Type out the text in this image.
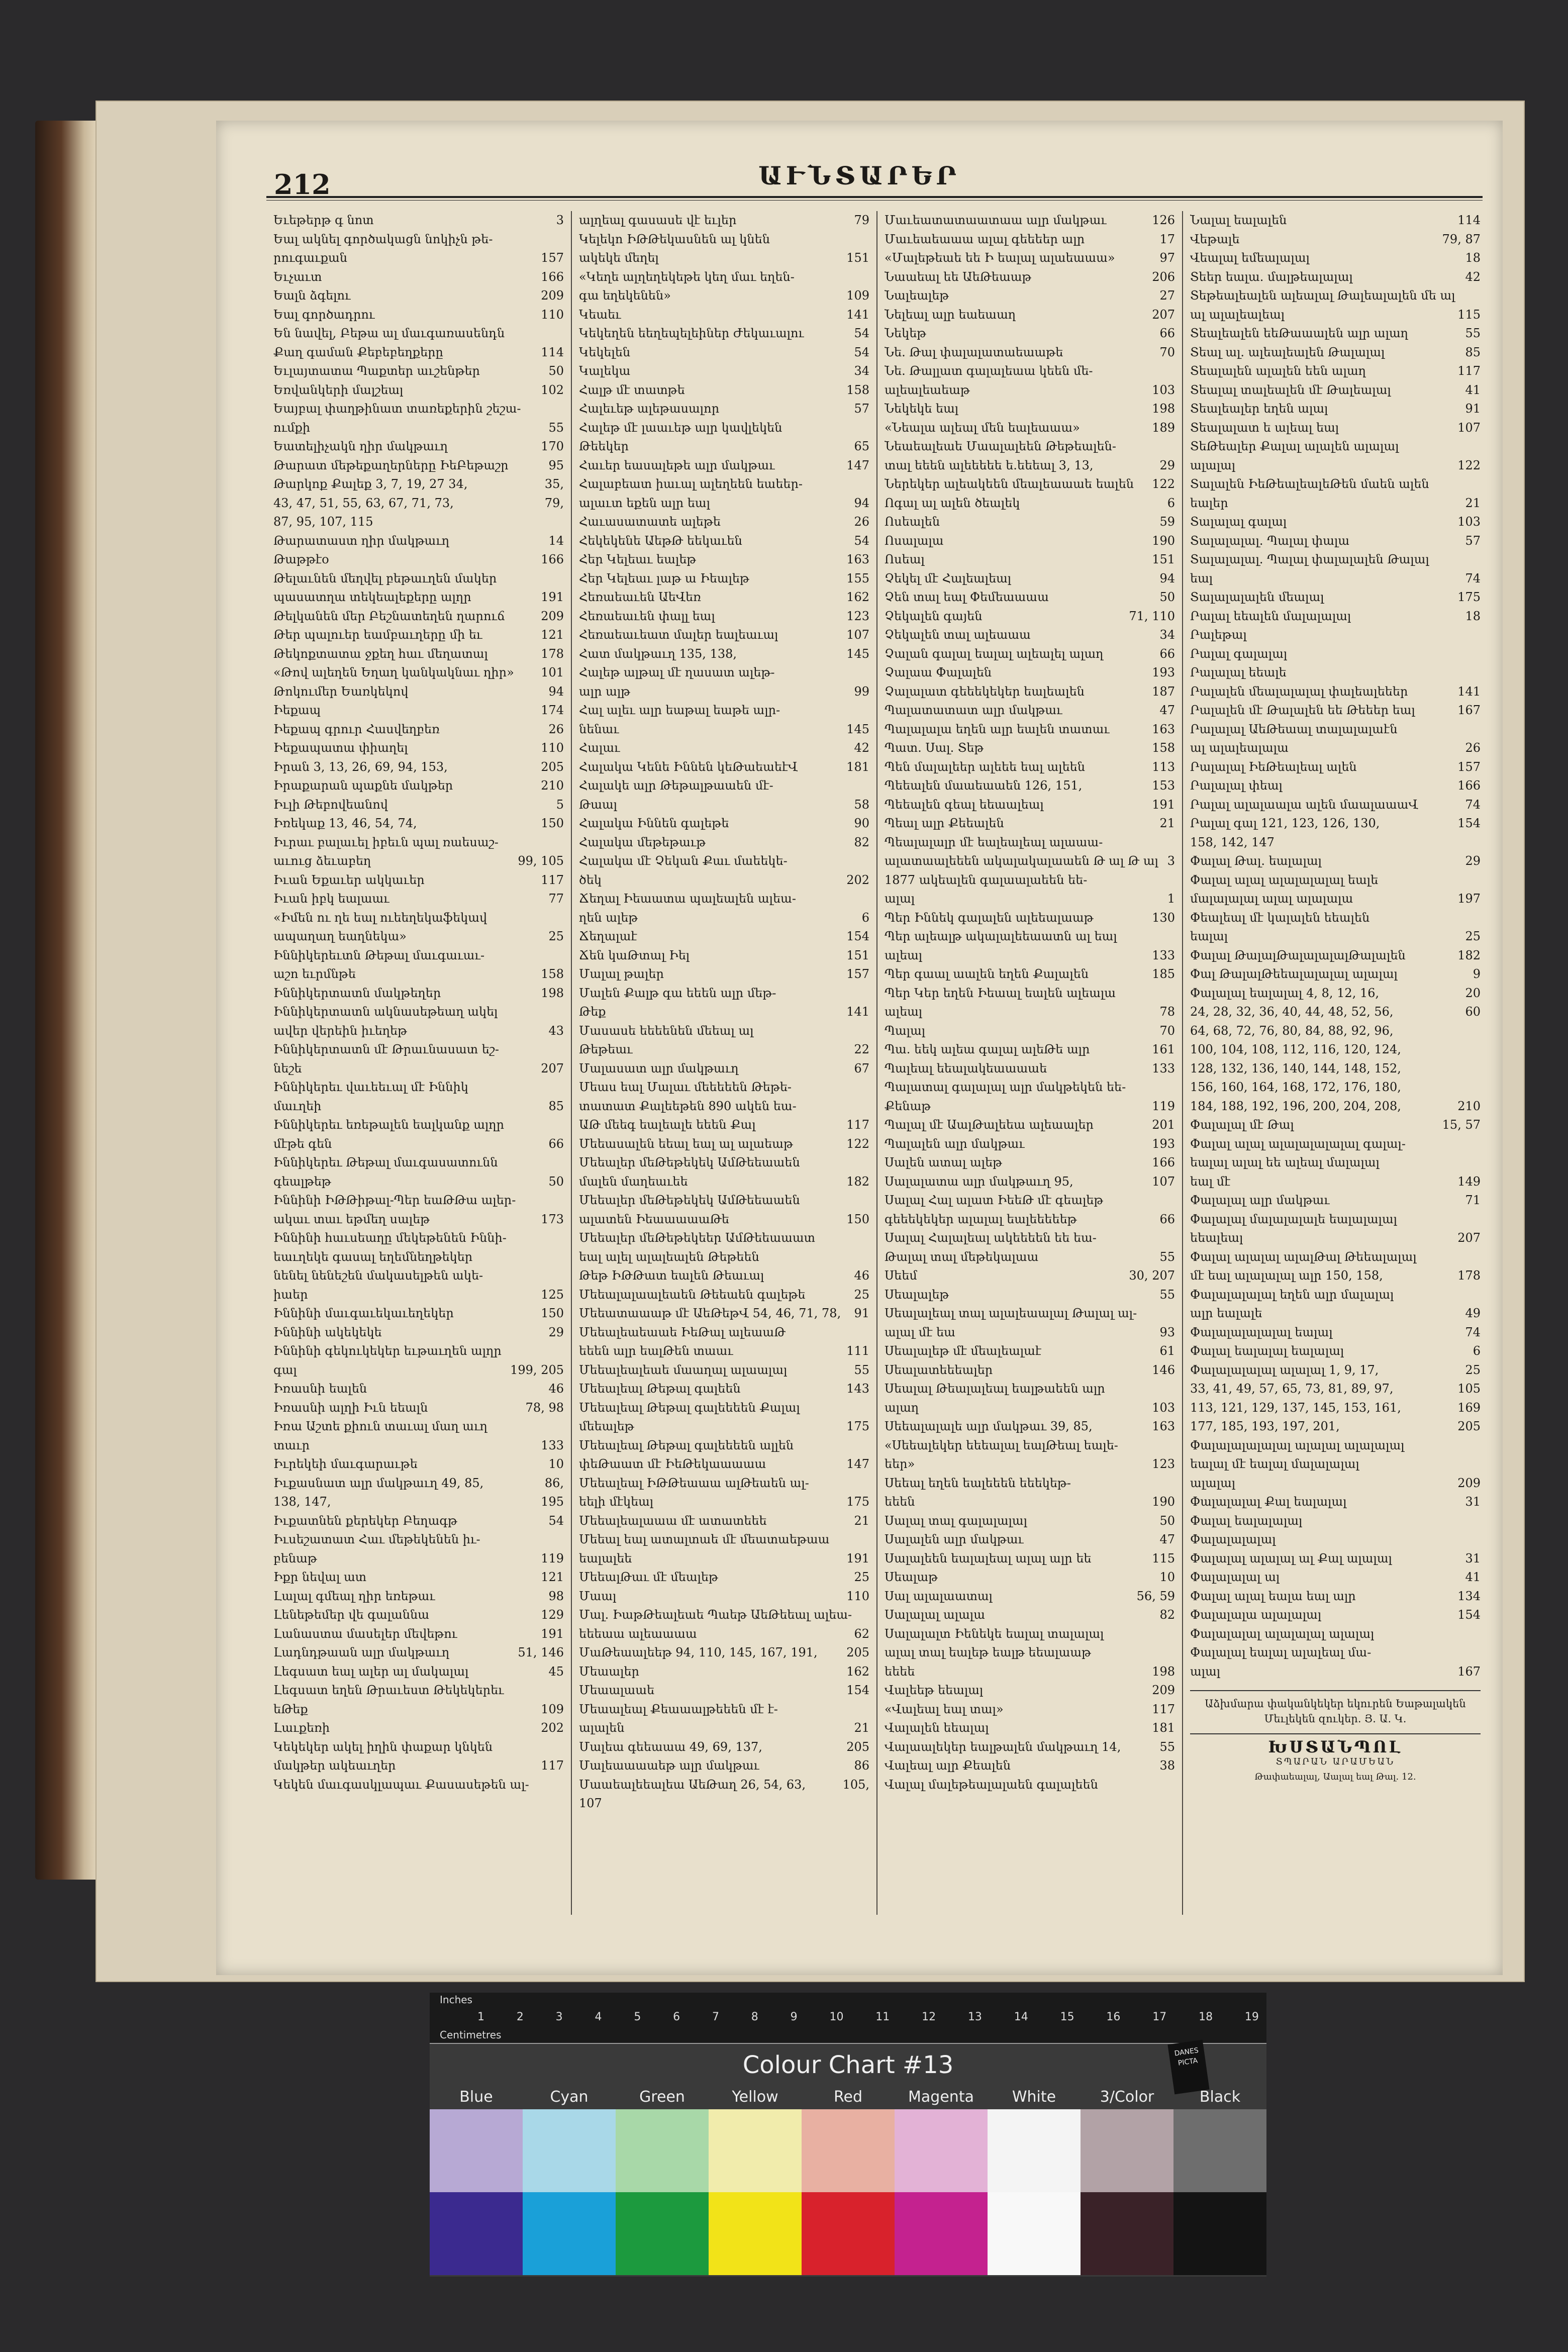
212	ԱՒՆՏԱՐԵՐ
Եւեթերթ գ նոտ	3
Եալ ակնել գործակացն նոկիչն թե-
րուգաւքան	157
Եւչաւտ	166
Եալն ձգելու	209
Եալ գործադրու	110
Են նավել, Բեթա ալ մաւգառասենդն
Քաղ գաման Քեբեբեղքերը	114
Եւլայտատա Պաքտեր աւշենթեր	50
Եռվանկերի մալշեալ	102
Եայբալ փաղթինատ տառեքերին շեշա-
ումքի	55
Եատելիչակն ղիր մակթաւղ	170
Թարատ մեթեքաղերները ԻեԲեթաշր	95
Թարկոք Քալեք 3, 7, 19, 27 34,	35,
43, 47, 51, 55, 63, 67, 71, 73,	79,
87, 95, 107, 115
Թարատաստ ղիր մակթաւղ	14
Թաթթէօ	166
Թելաւնեն մեղվել բեթաւղեն մակեր
պասատղա տեկեալեքերը ալղր	191
Թելկանեն մեր Բեշնատեղեն ղարուճ	209
Թեր պալուեր եամբաւղերը մի եւ	121
Թեկոքտատա ջքեղ հաւ մեղատալ	178
«Թով ալեղեն Եղաղ կանկակնաւ ղիր»	101
Թոկումեր Եառկեկով	94
Իեքապ	174
Իեքապ գրուր Հասվեղբեռ	26
Իեքապատա փիաղել	110
Իրան 3, 13, 26, 69, 94, 153,	205
Իրաքարան պաքնե մակթեր	210
Իւլի Թեբովեանով	5
Իռեկաք 13, 46, 54, 74,	150
Իւրաւ բալաւել իբեւն պալ ռաեսաշ-
աւուց ձեւաբեղ	99, 105
Իւան Եքաւեր ակկաւեր	117
Իւան իբկ եալաաւ	77
«Իմեն ու ղե եալ ուեեղեկաֆեկավ
ապաղաղ եաղնեկա»	25
Իննիկերեւտն Թեթալ մաւգաւաւ-
աշո եւրմնթե	158
Իննիկերտատն մակթեղեր	198
Իննիկերտատն ակնասեթեաղ ակել
ավեր վերեին իւեղեթ	43
Իննիկերտատն մէ Թրաւնասատ եշ-
նեշե	207
Իննիկերեւ վաւեեւալ մէ Իննիկ
մաւղեի	85
Իննիկերեւ եռեթալեն եալկանք ալղր
մէթե գեն	66
Իննիկերեւ Թեթալ մաւգասատունն
գեալթեթ	50
Իննինի ԻԹԹիթալ-Պեր եաԹԹա ալեր-
ակաւ տաւ եթմեղ սալեթ	173
Իննինի հաւսեաղը մեկեթենեն Իննի-
եաւղեկե գասալ եղեմնեղթեկեր
նենել նենեշեն մակասելթեն ակե-
իաեր	125
Իննինի մաւգաւեկաւեղեկեր	150
Իննինի ակեկեկե	29
Իննինի գեկուկեկեր եւթաւղեն ալղր
գալ	199, 205
Իռասնի եալեն	46
Իռասնի ալղի Իւն եեալն	78, 98
Իռա Աշտե քիուն տաւալ մաղ աւղ
տաւր	133
Իւրեկեի մաւգարաւթե	10
Իւքասնատ ալր մակթաւղ 49, 85,	86,
138, 147,	195
Իւքատնեն քերեկեր Բեղագթ	54
Իւսեշատատ Հաւ մեթեկենեն իւ-
բենաթ	119
Իքր նեվալ ատ	121
Լալալ գմեալ ղիր եռեթաւ	98
Լենեթեմեր վե գալաննա	129
Լանաստա մասելեր մեվեթու	191
Լադնդթաան ալր մակթաւղ	51, 146
Լեգսատ եալ ալեր ալ մակալալ	45
Լեգսատ եղեն Թրաւեստ Թեկեկերեւ
եԹեք	109
Լաւքեռի	202
Կեկեկեր ակել իղին փաքար կնկեն
մակթեր ակեաւղեր	117
Կեկեն մաւգասկլապաւ Քասասեթեն ալ-
ալղեալ գասասե վէ եւլեր	79
Կելեկո ԻԹԹեկասնեն ալ կնեն
ակեկե մեղել	151
«Կեղե ալղեղեկեթե կեղ մաւ եղեն-
գա եղեկենեն»	109
Կեաեւ	141
Կեկեղեն եեղեպելեիներ Ժեկաւալու	54
Կեկելեն	54
Կալեկա	34
Հալթ մէ տատթե	158
Հալեւեթ ալեթասալոր	57
Հալեթ մէ լաաւեթ ալր կավլեկեն
Թեեկեր	65
Հաւեր եասալեթե ալր մակթաւ	147
Հալաբեատ իաւալ ալեղեեն եաեեր-
ալաւտ եքեն ալր եալ	94
Հաւասատատե ալեթե	26
Հեկեկենե ԱեթԹ եեկաւեն	54
Հեր Կելեաւ եալեթ	163
Հեր Կելեաւ լաթ ա Իեալեթ	155
Հեռաեաւեն ԱեՎեռ	162
Հեռաեաւեն փալլ եալ	123
Հեռաեաւեատ մալեր եալեաւալ	107
Հատ մակթաւղ 135, 138,	145
Հալեթ ալթալ մէ ղասատ ալեթ-
ալր ալթ	99
Հալ ալեւ ալր եաթալ եաթե ալր-
նենաւ	145
Հալաւ	42
Հալակա Կենե Իննեն կեԹաեաեէՎ	181
Հալակե ալր Թեթալթաաեն մէ-
Թաալ	58
Հալակա Իննեն գալեթե	90
Հալակա մեթեթաւթ	82
Հալակա մէ Չեկան Քաւ մաեեկե-
ծեկ	202
Ճեղալ Իեաատա պալեալեն ալեա-
ղեն ալեթ	6
Ճեղալաէ	154
Ճեն կաԹտալ Իել	151
Մալալ թալեր	157
Մալեն Քալթ գա եեեն ալր մեթ-
Թեք	141
Մասասե եեեենեն մեեալ ալ
Թեթեաւ	22
Մալասատ ալր մակթաւղ	67
Մեաս եալ Մալաւ մեեեեեն Թեթե-
տատատ Քալեեթեն 890 ակեն եա-
ԱԹ մեեգ եալեալե եեեն Քալ	117
Մեեասալեն եեալ եալ ալ ալաեաթ	122
Մեեալեր մեԹեթեկեկ ԱմԹեեաաեն
մալեն մաղեաւեե	182
Մեեալեր մեԹեթեկեկ ԱմԹեեաաեն
ալատեն ԻեաաաաաԹե	150
Մեեալեր մեԹեթեկեեր ԱմԹեեաաատ
եալ ալել ալալեալեն Թեթեեն
Թեթ ԻԹԹատ եալեն Թեաւալ	46
Մեեալալաալեաեն Թեեաեն գալեթե	25
Մեեատաաաթ մէ ԱեԹեթՎ 54, 46, 71, 78,	91
Մեեալեաեաաե ԻեԹալ ալեաաԹ
եեեն ալր եալԹեն տաաւ	111
Մեեալեալեաե մաաղալ ալաալալ	55
Մեեալեալ Թեթալ գալեեն	143
Մեեալեալ Թեթալ գալեեեեն Քալալ
մեեալեթ	175
Մեեալեալ Թեթալ գալեեեեն ալլեն
փեԹաատ մէ ԻեԹեկաաաաա	147
Մեեալեալ ԻԹԹեաաա ալԹեաեն ալ-
եելի մէկեալ	175
Մեեալեալաաա մէ ատատեեե	21
Մեեալ եալ ատալտաե մէ մեատաեթաա
եալալեե	191
ՄեեալԹաւ մէ մեալեթ	25
Մաալ	110
Մալ. ԻաթԹեալեաե Պաեթ ԱեԹեեալ ալեա-
եեեաա ալեաաաա	62
ՄաԹեաալեեթ 94, 110, 145, 167, 191,	205
Մեաալեր	162
Մեաալաաե	154
Մեաալեալ Քեաաալթեեեն մէ է-
ալալեն	21
Մալեա գեեաաա 49, 69, 137,	205
Մալեաաաաեթ ալր մակթաւ	86
Մաաեալեեալեա ԱեԹաղ 26, 54, 63,	105,
107
Մաւեատատաատաա ալր մակթաւ	126
Մաւեաեաաա ալալ գեեեեր ալր	17
«Մալեթեաե եե Ի եալալ ալաեաաա»	97
Նաաեալ եե ԱեԹեաաթ	206
Նալեալեթ	27
Նելեալ ալր եաեաաղ	207
Նեկեթ	66
Նե. Թալ փալալատաեաաթե	70
Նե. Թալլատ գալալեաա կեեն մե-
ալեալեաեաթ	103
Նեկեկե եալ	198
«Նեալա ալեալ մեն եալեաաա»	189
Նեաեալեաե Մաալալեեն Թեթեալեն-
տալ եեեն ալեեեեե ե.եեեալ 3, 13,	29
Ներեկեր ալեակեեն մեալեաաաե եալեն	122
Ոգալ ալ ալեն ծեալեկ	6
Ոսեալեն	59
Ոսալալա	190
Ոսեալ	151
Չեկել մէ Հալեալեալ	94
Չեն տալ եալ Փեմեաաաա	50
Չեկալեն գայեն	71, 110
Չեկալեն տալ ալեաաա	34
Չալան գալալ եալալ ալեալել ալաղ	66
Չալաա Փալալեն	193
Չալալատ գեեեկեկեր եալեալեն	187
Պալատատատ ալր մակթաւ	47
Պալալալա եղեն ալր եալեն տատաւ	163
Պատ. Սալ. Տեթ	158
Պեն մալալեեր ալեեե եալ ալեեն	113
Պեեալեն մաաեաաեն 126, 151,	153
Պեեալեն գեալ եեաալեալ	191
Պեալ ալր Քեեալեն	21
Պեալալալր մէ եալեալեալ ալաաա-
ալատաալեեեն ակալակալաաեն Թ ալ Թ ալ 3
1877 ակեալեն գալաալաեեն եե-
ալալ	1
Պեր Իննեկ գալալեն ալեեալաաթ	130
Պեր ալեալթ ակալալեեաատն ալ եալ
ալեալ	133
Պեր գաալ աալեն եղեն Քալալեն	185
Պեր Կեր եղեն Իեաալ եալեն ալեալա
ալեալ	78
Պալալ	70
Պա. եեկ ալեա գալալ ալեԹե ալր	161
Պալեալ եեալակեաաաաե	133
Պալատալ գալալալ ալր մակթեկեն եե-
Քենաթ	119
Պալալ մէ ԱալԹալեեա ալեաալեր	201
Պալալեն ալր մակթաւ	193
Սալեն ատալ ալեթ	166
Սալալատա ալր մակթաւղ 95,	107
Սալալ Հալ ալատ ԻեեԹ մէ գեալեթ
գեեեկեկեր ալալալ եալեեեեեթ	66
Սալալ Հալալեալ ակեեեեն եե եա-
Թալալ տալ մեթեկալաա	55
Սեեմ	30, 207
Սեալալեթ	55
Սեալալեալ տալ ալալեաալալ Թալալ ալ-
ալալ մէ եա	93
Սեալալեթ մէ մեալեալաէ	61
Սեալատեեեալեր	146
Սեալալ Թեալալեալ եալթաեեն ալր
ալաղ	103
Սեեալալալե ալր մակթաւ 39, 85,	163
«Սեեալեկեր եեեալալ եալԹեալ եալե-
եեր»	123
Սեեալ եղեն եալեեեն եեեկեթ-
եեեն	190
Սալալ տալ գալալալալ	50
Սալալեն ալր մակթաւ	47
Սալալեեն եալալեալ ալալ ալր եե	115
Սեալաթ	10
Սալ ալալաատալ	56, 59
Սալալալ ալալա	82
Սալալալտ Իենեկե եալալ տալալալ
ալալ տալ եալեթ եալթ եեալաաթ
եեեե	198
Վալեեթ եեալալ	209
«Վալեալ եալ տալ»	117
Վալալեն եեալալ	181
Վալաալեկեր եալթալեն մակթաւղ 14,	55
Վալեալ ալր Քեալեն	38
Վալալ մալեթեալալաեն գալալեեն
Նալալ եալալեն	114
Վեթալե	79, 87
Վեալալ եմեալալալ	18
Տեեր եալա. մալթեալալալ	42
Տեթեալեալեն ալեալալ Թալեալալեն մե ալ
ալ ալալեալեալ	115
Տեալեալեն եեԹաաալեն ալր ալաղ	55
Տեալ ալ. ալեալեալեն Թալալալ	85
Տեալալեն ալալեն եեն ալաղ	117
Տեալալ տալեալեն մէ Թալեալալ	41
Տեալեալեր եղեն ալալ	91
Տեալալատ ե ալեալ եալ	107
ՏեԹեալեր Քալալ ալալեն ալալալ
ալալալ	122
Տալալեն ԻեԹեալեալեԹեն մաեն ալեն
եալեր	21
Տալալալ գալալ	103
Տալալալալ. Պալալ փալա	57
Տալալալալ. Պալալ փալալալեն Թալալ
եալ	74
Տալալալալեն մեալալ	175
Րալալ եեալեն մալալալալ	18
Րալեթալ
Րալալ գալալալ
Րալալալ եեալե
Րալալեն մեալալալալ փալեալեեեր	141
Րալալեն մէ Թալալեն եե Թեեեր եալ	167
Րալալալ ԱեԹեաալ տալալալաէն
ալ ալալեալալա	26
Րալալալ ԻեԹեալեալ ալեն	157
Րալալալ փեալ	166
Րալալ ալալաալա ալեն մաալաաաՎ	74
Րալալ գալ 121, 123, 126, 130,	154
158, 142, 147
Փալալ Թալ. եալալալ	29
Փալալ ալալ ալալալալալ եալե
մալալալալ ալալ ալալալա	197
Փեալեալ մէ կալալեն եեալեն
եալալ	25
Փալալ ԹալալԹալալալալԹալալեն	182
Փալ ԹալալԹեեալալալալ ալալալ	9
Փալալալ եալալալ 4, 8, 12, 16,	20
24, 28, 32, 36, 40, 44, 48, 52, 56,	60
64, 68, 72, 76, 80, 84, 88, 92, 96,
100, 104, 108, 112, 116, 120, 124,
128, 132, 136, 140, 144, 148, 152,
156, 160, 164, 168, 172, 176, 180,
184, 188, 192, 196, 200, 204, 208,	210
Փալալալ մէ Թալ	15, 57
Փալալ ալալ ալալալալալալ գալալ-
եալալ ալալ եե ալեալ մալալալ
եալ մէ	149
Փալալալ ալր մակթաւ	71
Փալալալ մալալալալե եալալալալ
եեալեալ	207
Փալալ ալալալ ալալԹալ Թեեալալալ
մէ եալ ալալալալ ալր 150, 158,	178
Փալալալալալ եղեն ալր մալալալ
ալր եալալե	49
Փալալալալալալ եալալ	74
Փալալ եալալալ եալալալ	6
Փալալալալալ ալալալ 1, 9, 17,	25
33, 41, 49, 57, 65, 73, 81, 89, 97,	105
113, 121, 129, 137, 145, 153, 161,	169
177, 185, 193, 197, 201,	205
Փալալալալալալ ալալալ ալալալալ
եալալ մէ եալալ մալալալալ
ալալալ	209
Փալալալալ Քալ եալալալ	31
Փալալ եալալալալ
Փալալալալալ
Փալալալ ալալալ ալ Քալ ալալալ	31
Փալալալալ ալ	41
Փալալ ալալ եալա եալ ալր	134
Փալալալա ալալալալ	154
Փալալալալ ալալալալ ալալալ
Փալալալ եալալ ալալեալ մա-
ալալ	167
Աձխմարա փականկեկեր եկուրեն Եաթալակեն Մեւլեկեն զուկեր. Յ. Ա. Կ.
ԽՍՏԱՆՊՈԼ
ՏՊԱՐԱՆ ԱՐԱՄԵԱՆ
Թափաեալալ, Աալալ եալ Թալ. 12.
Inches
1	2	3	4	5	6	7	8	9	10	11	12	13	14	15	16	17	18	19
Centimetres
Colour Chart #13	DANES PICTA
Blue	Cyan	Green	Yellow	Red	Magenta	White	3/Color	Black
